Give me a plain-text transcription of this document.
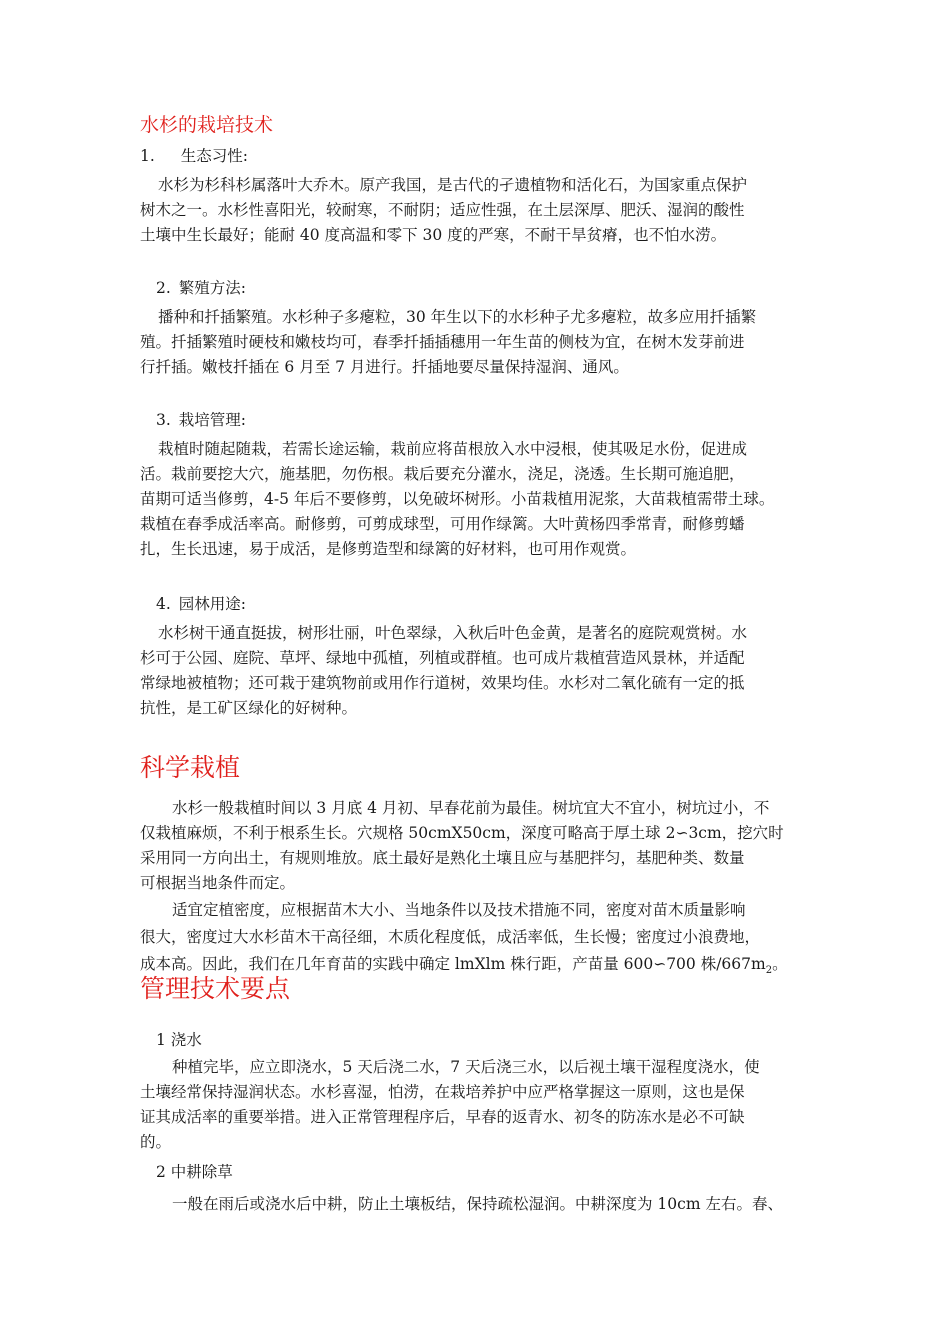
水杉的栽培技术
1. 生态习性:
水杉为杉科杉属落叶大乔木。原产我国，是古代的孑遗植物和活化石，为国家重点保护
树木之一。水杉性喜阳光，较耐寒，不耐阴；适应性强，在土层深厚、肥沃、湿润的酸性
土壤中生长最好；能耐 40 度高温和零下 30 度的严寒，不耐干旱贫瘠，也不怕水涝。
2. 繁殖方法:
播种和扦插繁殖。水杉种子多瘪粒，30 年生以下的水杉种子尤多瘪粒，故多应用扦插繁
殖。扦插繁殖时硬枝和嫩枝均可，春季扦插插穗用一年生苗的侧枝为宜，在树木发芽前进
行扦插。嫩枝扦插在 6 月至 7 月进行。扦插地要尽量保持湿润、通风。
3. 栽培管理:
栽植时随起随栽，若需长途运输，栽前应将苗根放入水中浸根，使其吸足水份，促进成
活。栽前要挖大穴，施基肥，勿伤根。栽后要充分灌水，浇足，浇透。生长期可施追肥，
苗期可适当修剪，4-5 年后不要修剪，以免破坏树形。小苗栽植用泥浆，大苗栽植需带土球。
栽植在春季成活率高。耐修剪，可剪成球型，可用作绿篱。大叶黄杨四季常青，耐修剪蟠
扎，生长迅速，易于成活，是修剪造型和绿篱的好材料，也可用作观赏。
4. 园林用途:
水杉树干通直挺拔，树形壮丽，叶色翠绿，入秋后叶色金黄，是著名的庭院观赏树。水
杉可于公园、庭院、草坪、绿地中孤植，列植或群植。也可成片栽植营造风景林，并适配
常绿地被植物；还可栽于建筑物前或用作行道树，效果均佳。水杉对二氧化硫有一定的抵
抗性，是工矿区绿化的好树种。
科学栽植
水杉一般栽植时间以 3 月底 4 月初、早春花前为最佳。树坑宜大不宜小，树坑过小，不
仅栽植麻烦，不利于根系生长。穴规格 50cmX50cm，深度可略高于厚土球 2∽3cm，挖穴时
采用同一方向出土，有规则堆放。底土最好是熟化土壤且应与基肥拌匀，基肥种类、数量
可根据当地条件而定。
适宜定植密度，应根据苗木大小、当地条件以及技术措施不同，密度对苗木质量影响
很大，密度过大水杉苗木干高径细，木质化程度低，成活率低，生长慢；密度过小浪费地，
成本高。因此，我们在几年育苗的实践中确定 lmXlm 株行距，产苗量 600∽700 株$/667m_2$。
管理技术要点
1 浇水
种植完毕，应立即浇水，5 天后浇二水，7 天后浇三水，以后视土壤干湿程度浇水，使
土壤经常保持湿润状态。水杉喜湿，怕涝，在栽培养护中应严格掌握这一原则，这也是保
证其成活率的重要举措。进入正常管理程序后，早春的返青水、初冬的防冻水是必不可缺
的。
2 中耕除草
一般在雨后或浇水后中耕，防止土壤板结，保持疏松湿润。中耕深度为 10cm 左右。春、
